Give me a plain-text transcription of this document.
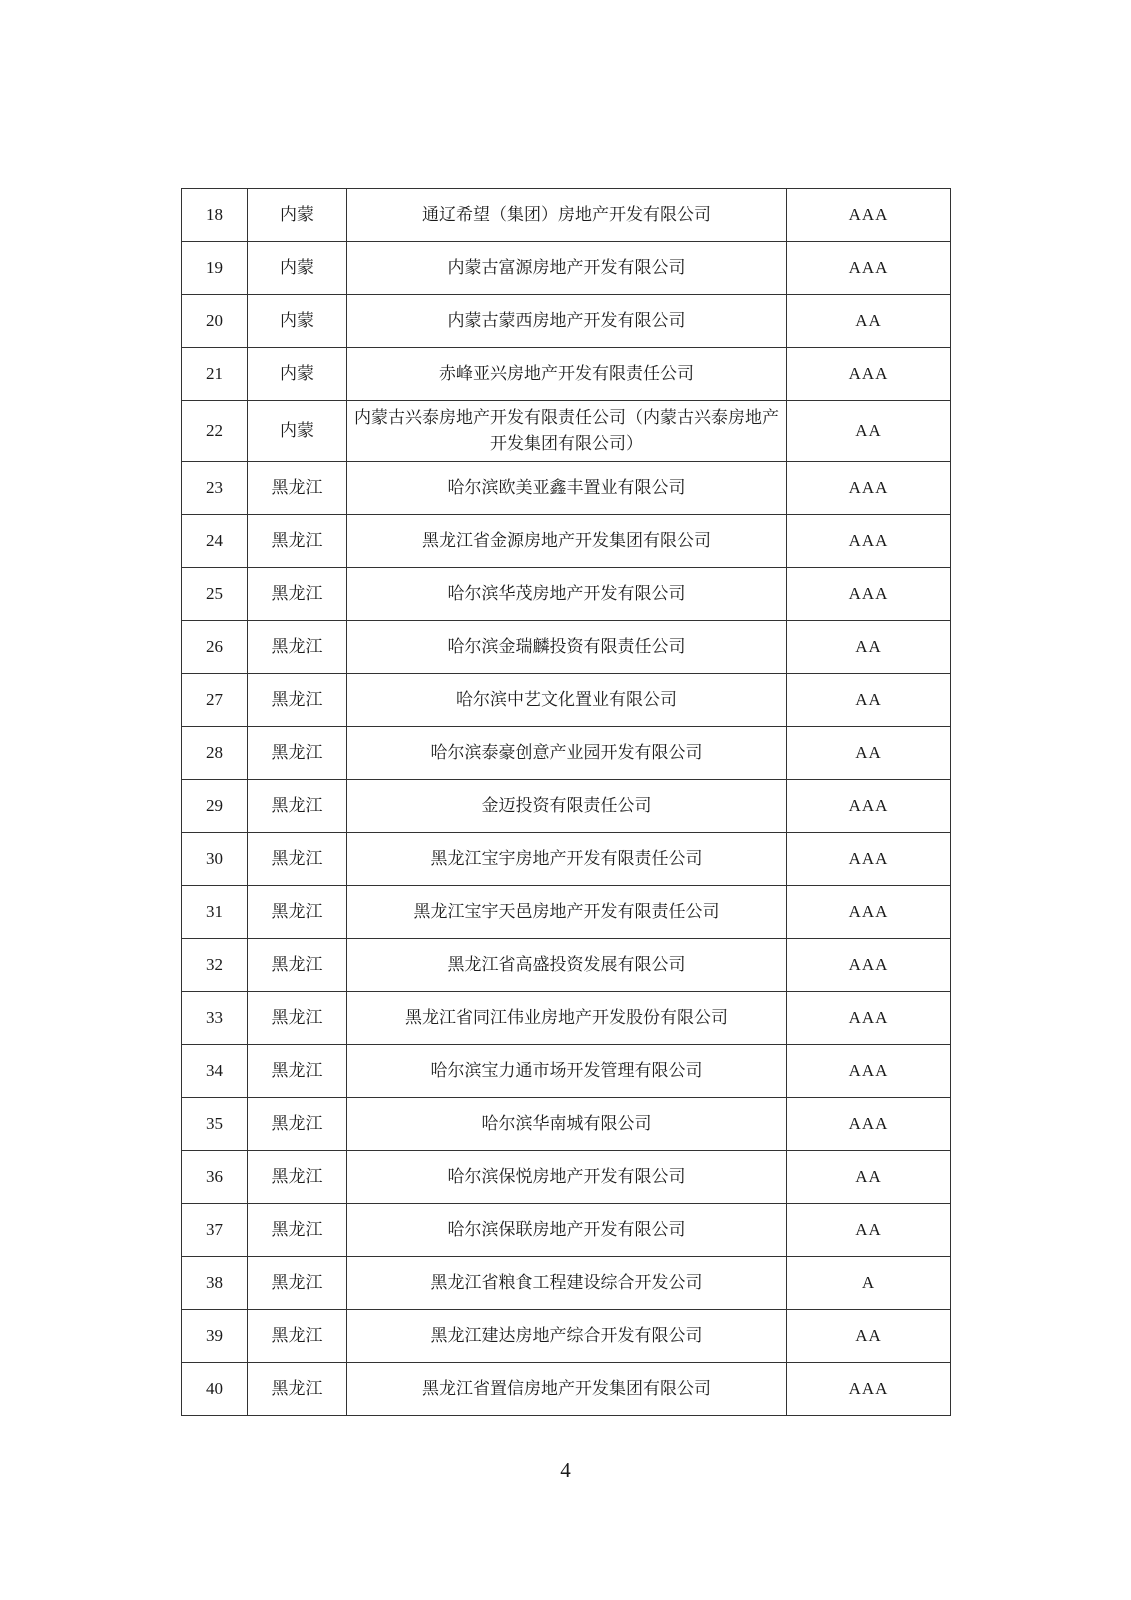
18	内蒙	通辽希望（集团）房地产开发有限公司	AAA
19	内蒙	内蒙古富源房地产开发有限公司	AAA
20	内蒙	内蒙古蒙西房地产开发有限公司	AA
21	内蒙	赤峰亚兴房地产开发有限责任公司	AAA
22	内蒙	内蒙古兴泰房地产开发有限责任公司（内蒙古兴泰房地产开发集团有限公司）	AA
23	黑龙江	哈尔滨欧美亚鑫丰置业有限公司	AAA
24	黑龙江	黑龙江省金源房地产开发集团有限公司	AAA
25	黑龙江	哈尔滨华茂房地产开发有限公司	AAA
26	黑龙江	哈尔滨金瑞麟投资有限责任公司	AA
27	黑龙江	哈尔滨中艺文化置业有限公司	AA
28	黑龙江	哈尔滨泰豪创意产业园开发有限公司	AA
29	黑龙江	金迈投资有限责任公司	AAA
30	黑龙江	黑龙江宝宇房地产开发有限责任公司	AAA
31	黑龙江	黑龙江宝宇天邑房地产开发有限责任公司	AAA
32	黑龙江	黑龙江省高盛投资发展有限公司	AAA
33	黑龙江	黑龙江省同江伟业房地产开发股份有限公司	AAA
34	黑龙江	哈尔滨宝力通市场开发管理有限公司	AAA
35	黑龙江	哈尔滨华南城有限公司	AAA
36	黑龙江	哈尔滨保悦房地产开发有限公司	AA
37	黑龙江	哈尔滨保联房地产开发有限公司	AA
38	黑龙江	黑龙江省粮食工程建设综合开发公司	A
39	黑龙江	黑龙江建达房地产综合开发有限公司	AA
40	黑龙江	黑龙江省置信房地产开发集团有限公司	AAA
4
